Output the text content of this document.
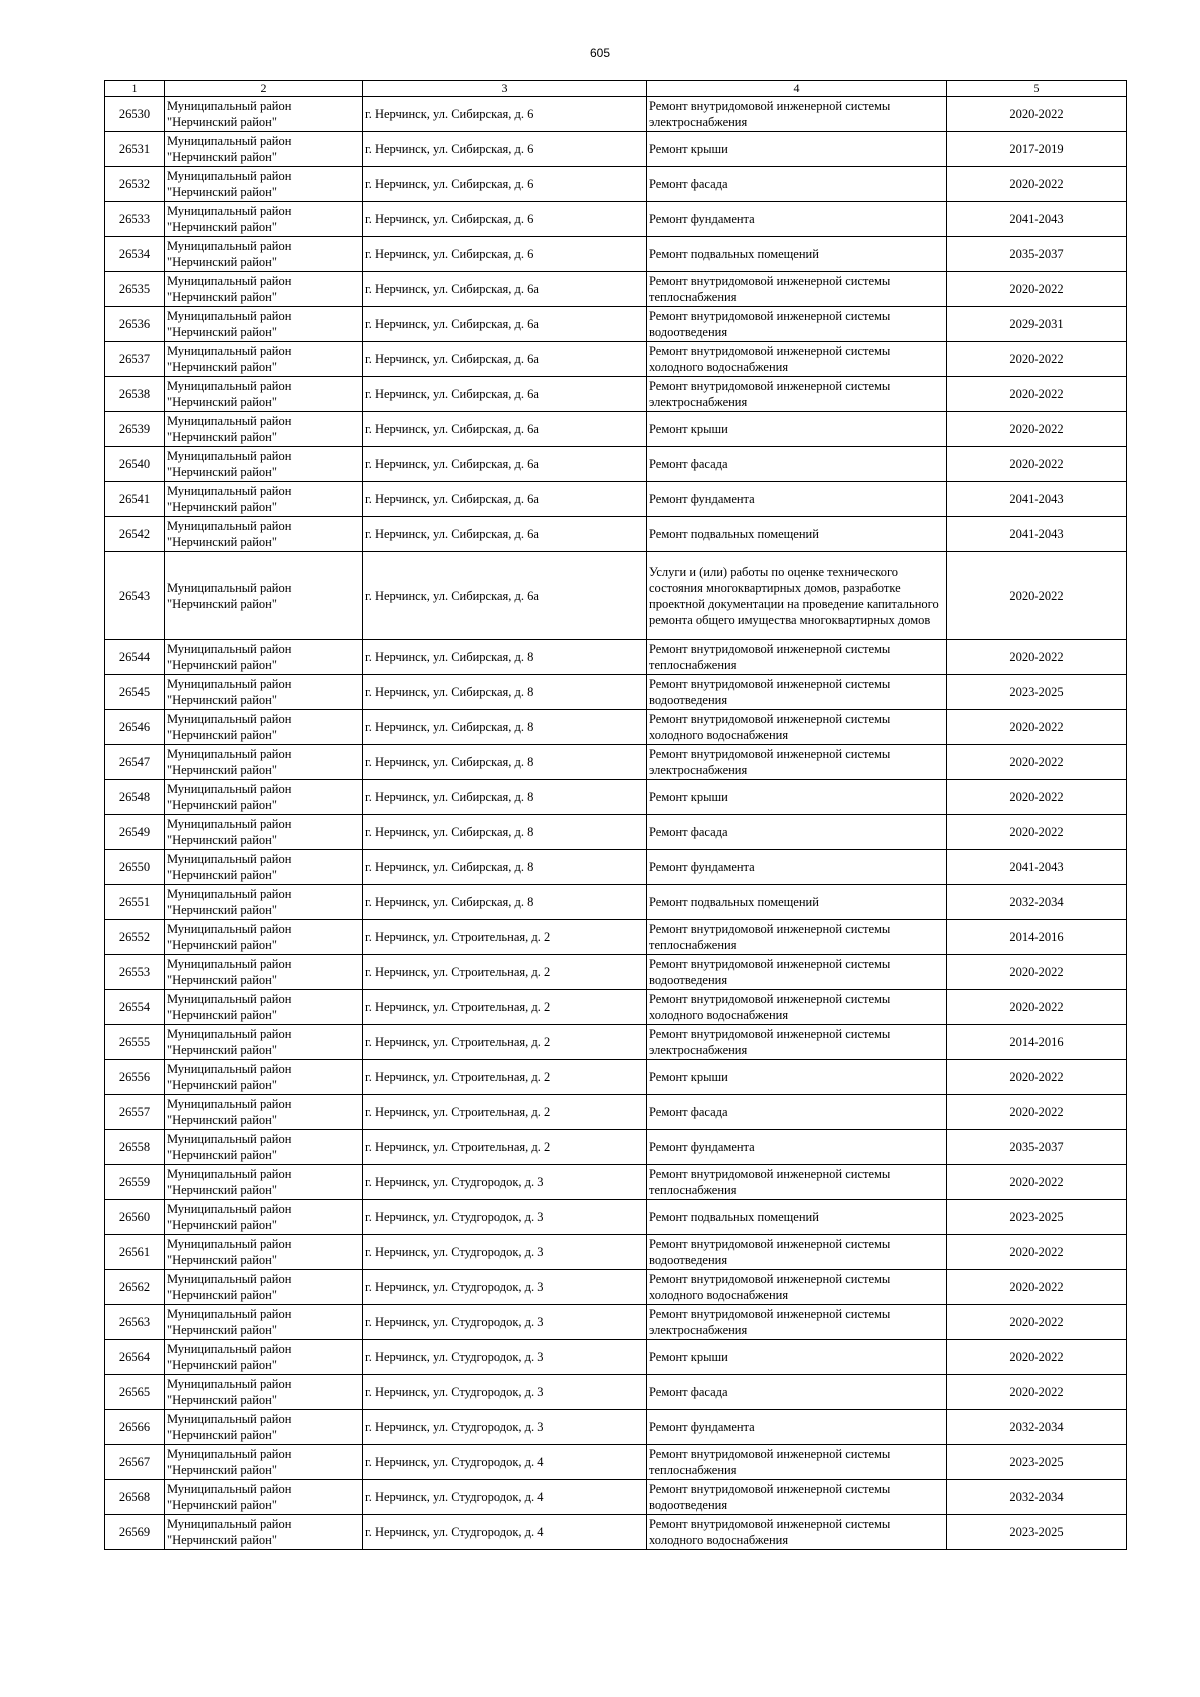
605
1	2	3	4	5
26530	Муниципальный район "Нерчинский район"	г. Нерчинск, ул. Сибирская, д. 6	Ремонт внутридомовой инженерной системы электроснабжения	2020-2022
26531	Муниципальный район "Нерчинский район"	г. Нерчинск, ул. Сибирская, д. 6	Ремонт крыши	2017-2019
26532	Муниципальный район "Нерчинский район"	г. Нерчинск, ул. Сибирская, д. 6	Ремонт фасада	2020-2022
26533	Муниципальный район "Нерчинский район"	г. Нерчинск, ул. Сибирская, д. 6	Ремонт фундамента	2041-2043
26534	Муниципальный район "Нерчинский район"	г. Нерчинск, ул. Сибирская, д. 6	Ремонт подвальных помещений	2035-2037
26535	Муниципальный район "Нерчинский район"	г. Нерчинск, ул. Сибирская, д. 6а	Ремонт внутридомовой инженерной системы теплоснабжения	2020-2022
26536	Муниципальный район "Нерчинский район"	г. Нерчинск, ул. Сибирская, д. 6а	Ремонт внутридомовой инженерной системы водоотведения	2029-2031
26537	Муниципальный район "Нерчинский район"	г. Нерчинск, ул. Сибирская, д. 6а	Ремонт внутридомовой инженерной системы холодного водоснабжения	2020-2022
26538	Муниципальный район "Нерчинский район"	г. Нерчинск, ул. Сибирская, д. 6а	Ремонт внутридомовой инженерной системы электроснабжения	2020-2022
26539	Муниципальный район "Нерчинский район"	г. Нерчинск, ул. Сибирская, д. 6а	Ремонт крыши	2020-2022
26540	Муниципальный район "Нерчинский район"	г. Нерчинск, ул. Сибирская, д. 6а	Ремонт фасада	2020-2022
26541	Муниципальный район "Нерчинский район"	г. Нерчинск, ул. Сибирская, д. 6а	Ремонт фундамента	2041-2043
26542	Муниципальный район "Нерчинский район"	г. Нерчинск, ул. Сибирская, д. 6а	Ремонт подвальных помещений	2041-2043
26543	Муниципальный район "Нерчинский район"	г. Нерчинск, ул. Сибирская, д. 6а	Услуги и (или) работы по оценке технического состояния многоквартирных домов, разработке проектной документации на проведение капитального ремонта общего имущества многоквартирных домов	2020-2022
26544	Муниципальный район "Нерчинский район"	г. Нерчинск, ул. Сибирская, д. 8	Ремонт внутридомовой инженерной системы теплоснабжения	2020-2022
26545	Муниципальный район "Нерчинский район"	г. Нерчинск, ул. Сибирская, д. 8	Ремонт внутридомовой инженерной системы водоотведения	2023-2025
26546	Муниципальный район "Нерчинский район"	г. Нерчинск, ул. Сибирская, д. 8	Ремонт внутридомовой инженерной системы холодного водоснабжения	2020-2022
26547	Муниципальный район "Нерчинский район"	г. Нерчинск, ул. Сибирская, д. 8	Ремонт внутридомовой инженерной системы электроснабжения	2020-2022
26548	Муниципальный район "Нерчинский район"	г. Нерчинск, ул. Сибирская, д. 8	Ремонт крыши	2020-2022
26549	Муниципальный район "Нерчинский район"	г. Нерчинск, ул. Сибирская, д. 8	Ремонт фасада	2020-2022
26550	Муниципальный район "Нерчинский район"	г. Нерчинск, ул. Сибирская, д. 8	Ремонт фундамента	2041-2043
26551	Муниципальный район "Нерчинский район"	г. Нерчинск, ул. Сибирская, д. 8	Ремонт подвальных помещений	2032-2034
26552	Муниципальный район "Нерчинский район"	г. Нерчинск, ул. Строительная, д. 2	Ремонт внутридомовой инженерной системы теплоснабжения	2014-2016
26553	Муниципальный район "Нерчинский район"	г. Нерчинск, ул. Строительная, д. 2	Ремонт внутридомовой инженерной системы водоотведения	2020-2022
26554	Муниципальный район "Нерчинский район"	г. Нерчинск, ул. Строительная, д. 2	Ремонт внутридомовой инженерной системы холодного водоснабжения	2020-2022
26555	Муниципальный район "Нерчинский район"	г. Нерчинск, ул. Строительная, д. 2	Ремонт внутридомовой инженерной системы электроснабжения	2014-2016
26556	Муниципальный район "Нерчинский район"	г. Нерчинск, ул. Строительная, д. 2	Ремонт крыши	2020-2022
26557	Муниципальный район "Нерчинский район"	г. Нерчинск, ул. Строительная, д. 2	Ремонт фасада	2020-2022
26558	Муниципальный район "Нерчинский район"	г. Нерчинск, ул. Строительная, д. 2	Ремонт фундамента	2035-2037
26559	Муниципальный район "Нерчинский район"	г. Нерчинск, ул. Студгородок, д. 3	Ремонт внутридомовой инженерной системы теплоснабжения	2020-2022
26560	Муниципальный район "Нерчинский район"	г. Нерчинск, ул. Студгородок, д. 3	Ремонт подвальных помещений	2023-2025
26561	Муниципальный район "Нерчинский район"	г. Нерчинск, ул. Студгородок, д. 3	Ремонт внутридомовой инженерной системы водоотведения	2020-2022
26562	Муниципальный район "Нерчинский район"	г. Нерчинск, ул. Студгородок, д. 3	Ремонт внутридомовой инженерной системы холодного водоснабжения	2020-2022
26563	Муниципальный район "Нерчинский район"	г. Нерчинск, ул. Студгородок, д. 3	Ремонт внутридомовой инженерной системы электроснабжения	2020-2022
26564	Муниципальный район "Нерчинский район"	г. Нерчинск, ул. Студгородок, д. 3	Ремонт крыши	2020-2022
26565	Муниципальный район "Нерчинский район"	г. Нерчинск, ул. Студгородок, д. 3	Ремонт фасада	2020-2022
26566	Муниципальный район "Нерчинский район"	г. Нерчинск, ул. Студгородок, д. 3	Ремонт фундамента	2032-2034
26567	Муниципальный район "Нерчинский район"	г. Нерчинск, ул. Студгородок, д. 4	Ремонт внутридомовой инженерной системы теплоснабжения	2023-2025
26568	Муниципальный район "Нерчинский район"	г. Нерчинск, ул. Студгородок, д. 4	Ремонт внутридомовой инженерной системы водоотведения	2032-2034
26569	Муниципальный район "Нерчинский район"	г. Нерчинск, ул. Студгородок, д. 4	Ремонт внутридомовой инженерной системы холодного водоснабжения	2023-2025
